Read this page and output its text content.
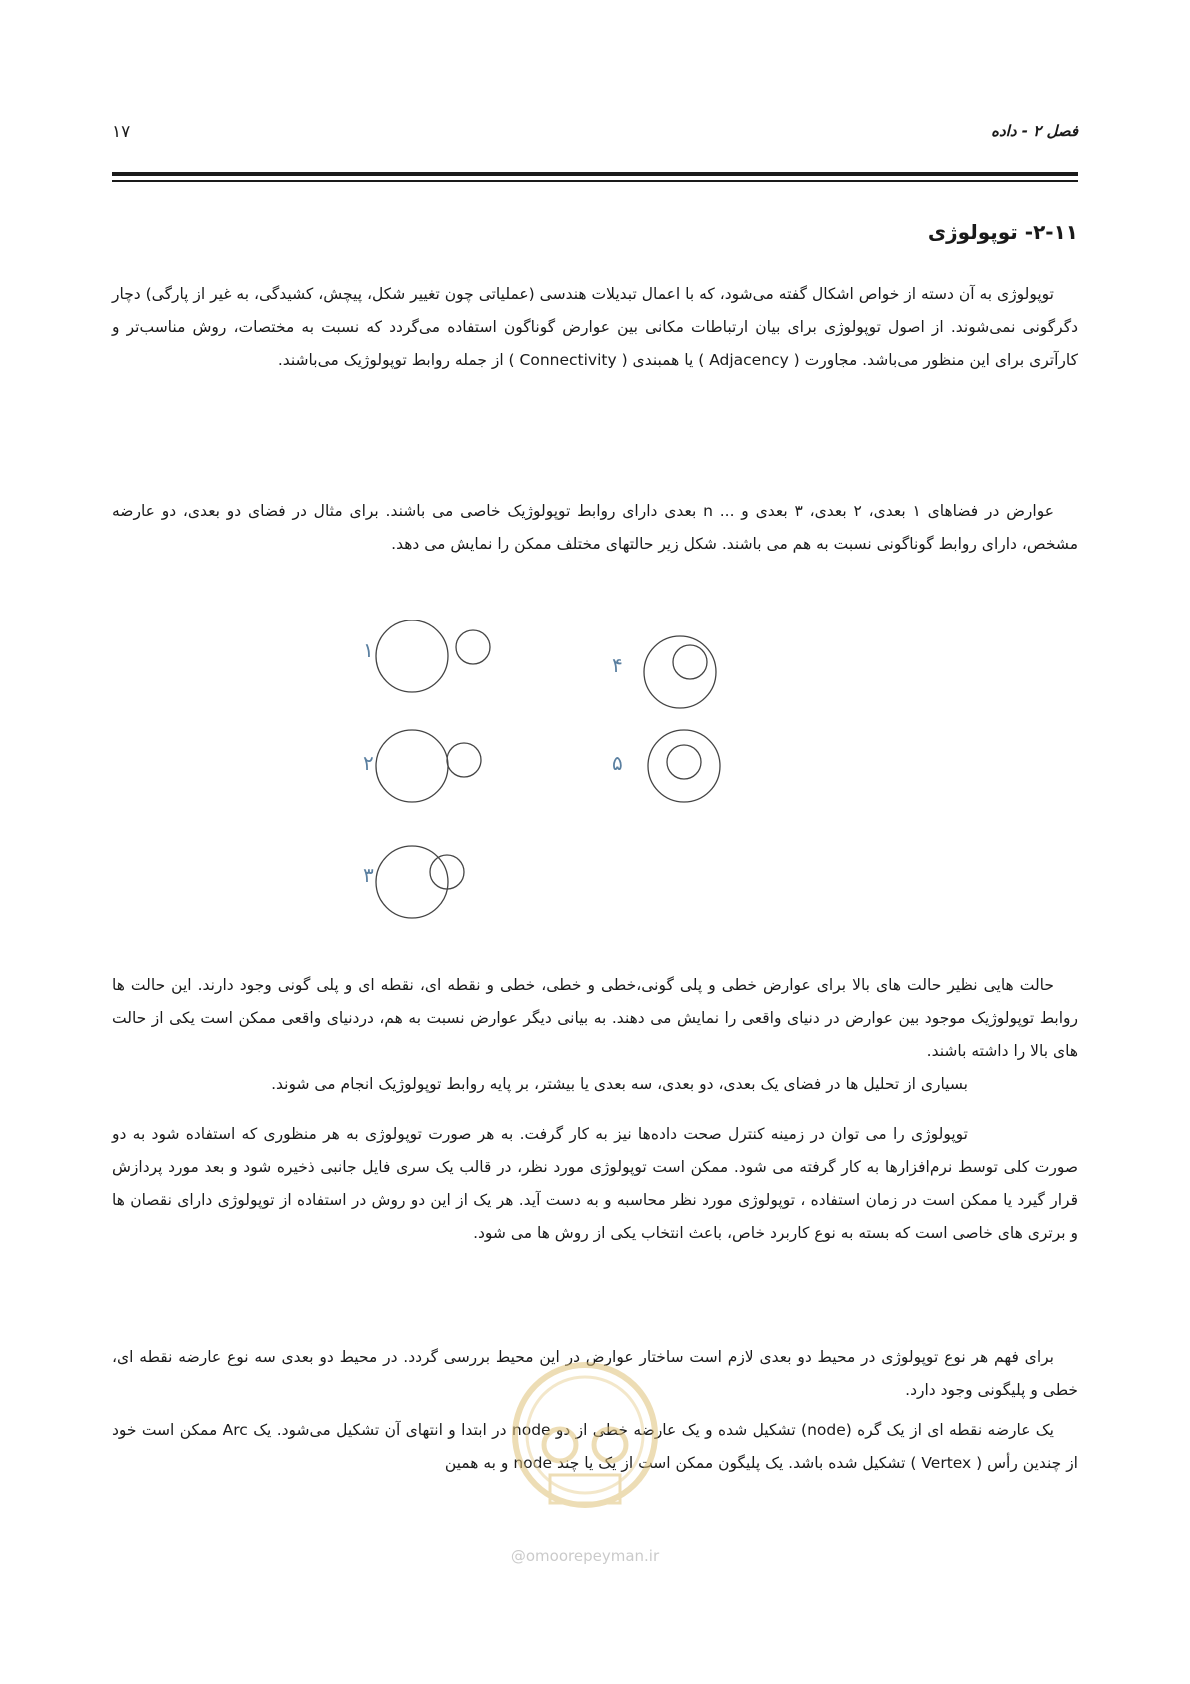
فصل ۲ - داده
۱۷
۲-۱۱- توپولوژی

توپولوژی به آن دسته از خواص اشکال گفته می‌شود، که با اعمال تبدیلات هندسی (عملیاتی چون تغییر شکل، پیچش، کشیدگی، به غیر از پارگی) دچار دگرگونی نمی‌شوند. از اصول توپولوژی برای بیان ارتباطات مکانی بین عوارض گوناگون استفاده می‌گردد که نسبت به مختصات، روش مناسب‌تر و کارآتری برای این منظور می‌باشد. مجاورت ( Adjacency ) یا همبندی ( Connectivity ) از جمله روابط توپولوژیک می‌باشند.

عوارض در فضاهای ۱ بعدی، ۲ بعدی، ۳ بعدی و ... n بعدی دارای روابط توپولوژیک خاصی می باشند. برای مثال در فضای دو بعدی، دو عارضه مشخص، دارای روابط گوناگونی نسبت به هم می باشند. شکل زیر حالتهای مختلف ممکن را نمایش می دهد.

۱
۴
۲	۵
۳

حالت هایی نظیر حالت های بالا برای عوارض خطی و پلی گونی،خطی و خطی، خطی و نقطه ای، نقطه ای و پلی گونی وجود دارند. این حالت ها روابط توپولوژیک موجود بین عوارض در دنیای واقعی را نمایش می دهند. به بیانی دیگر عوارض نسبت به هم، دردنیای واقعی ممکن است یکی از حالت های بالا را داشته باشند.

بسیاری از تحلیل ها در فضای یک بعدی، دو بعدی، سه بعدی یا بیشتر، بر پایه روابط توپولوژیک انجام می شوند.

توپولوژی را می توان در زمینه کنترل صحت داده‌ها نیز به کار گرفت. به هر صورت توپولوژی به هر منظوری که استفاده شود به دو صورت کلی توسط نرم‌افزارها به کار گرفته می شود. ممکن است توپولوژی مورد نظر، در قالب یک سری فایل جانبی ذخیره شود و بعد مورد پردازش قرار گیرد یا ممکن است در زمان استفاده ، توپولوژی مورد نظر محاسبه و به دست آید. هر یک از این دو روش در استفاده از توپولوژی دارای نقصان ها و برتری های خاصی است که بسته به نوع کاربرد خاص، باعث انتخاب یکی از روش ها می شود.

برای فهم هر نوع توپولوژی در محیط دو بعدی لازم است ساختار عوارض در این محیط بررسی گردد. در محیط دو بعدی سه نوع عارضه نقطه ای، خطی و پلیگونی وجود دارد.

یک عارضه نقطه ای از یک گره (node) تشکیل شده و یک عارضه خطی از دو node در ابتدا و انتهای آن تشکیل می‌شود. یک Arc ممکن است خود از چندین رأس ( Vertex ) تشکیل شده باشد. یک پلیگون ممکن است از یک یا چند node و به همین

@omoorepeyman.ir
